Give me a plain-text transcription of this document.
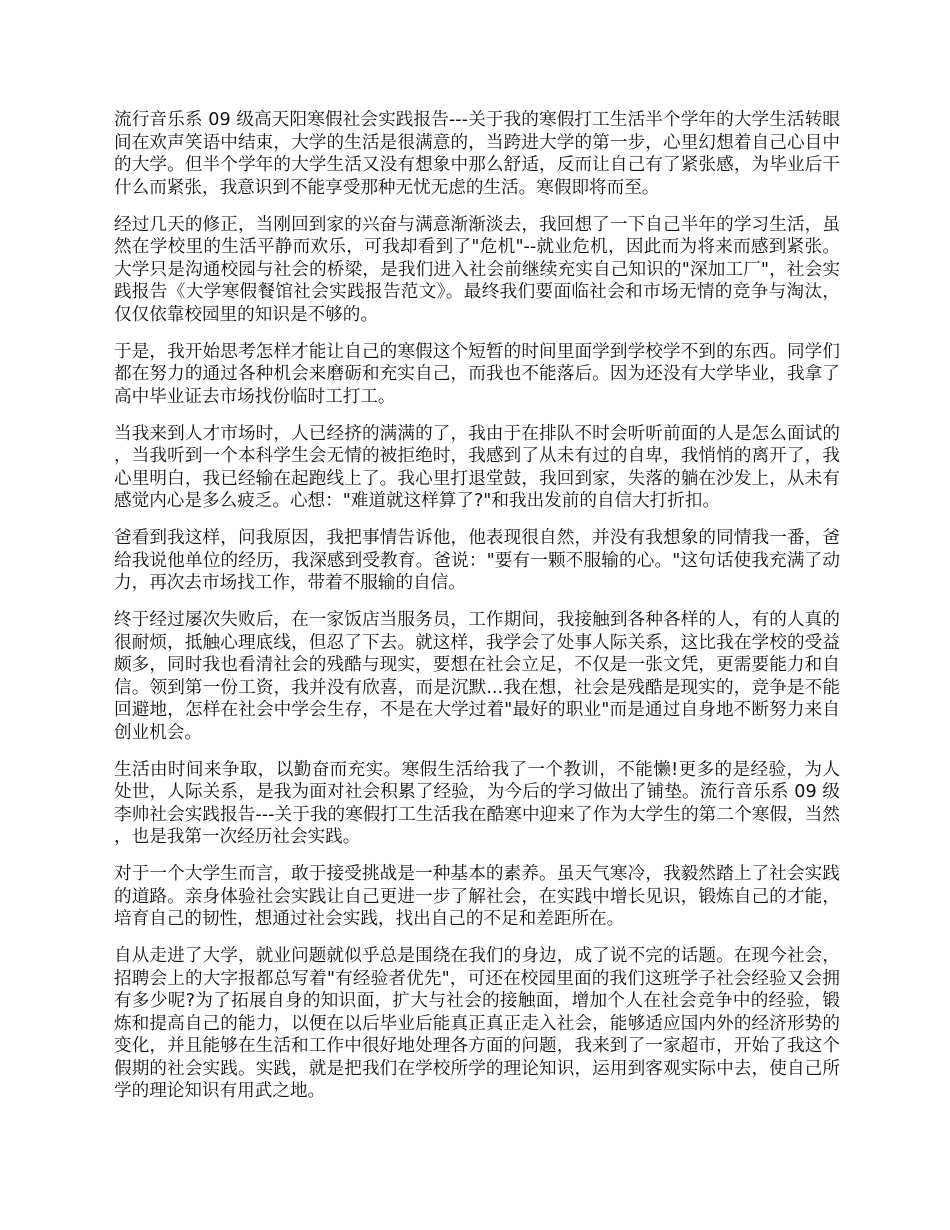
流行音乐系 09 级高天阳寒假社会实践报告---关于我的寒假打工生活半个学年的大学生活转眼间在欢声笑语中结束，大学的生活是很满意的，当跨进大学的第一步，心里幻想着自己心目中的大学。但半个学年的大学生活又没有想象中那么舒适，反而让自己有了紧张感，为毕业后干什么而紧张，我意识到不能享受那种无忧无虑的生活。寒假即将而至。

经过几天的修正，当刚回到家的兴奋与满意渐渐淡去，我回想了一下自己半年的学习生活，虽然在学校里的生活平静而欢乐，可我却看到了"危机"--就业危机，因此而为将来而感到紧张。大学只是沟通校园与社会的桥梁，是我们进入社会前继续充实自己知识的"深加工厂"，社会实践报告《大学寒假餐馆社会实践报告范文》。最终我们要面临社会和市场无情的竞争与淘汰，仅仅依靠校园里的知识是不够的。

于是，我开始思考怎样才能让自己的寒假这个短暂的时间里面学到学校学不到的东西。同学们都在努力的通过各种机会来磨砺和充实自己，而我也不能落后。因为还没有大学毕业，我拿了高中毕业证去市场找份临时工打工。

当我来到人才市场时，人已经挤的满满的了，我由于在排队不时会听听前面的人是怎么面试的，当我听到一个本科学生会无情的被拒绝时，我感到了从未有过的自卑，我悄悄的离开了，我心里明白，我已经输在起跑线上了。我心里打退堂鼓，我回到家，失落的躺在沙发上，从未有感觉内心是多么疲乏。心想："难道就这样算了?"和我出发前的自信大打折扣。

爸看到我这样，问我原因，我把事情告诉他，他表现很自然，并没有我想象的同情我一番，爸给我说他单位的经历，我深感到受教育。爸说："要有一颗不服输的心。"这句话使我充满了动力，再次去市场找工作，带着不服输的自信。

终于经过屡次失败后，在一家饭店当服务员，工作期间，我接触到各种各样的人，有的人真的很耐烦，抵触心理底线，但忍了下去。就这样，我学会了处事人际关系，这比我在学校的受益颇多，同时我也看清社会的残酷与现实，要想在社会立足，不仅是一张文凭，更需要能力和自信。领到第一份工资，我并没有欣喜，而是沉默...我在想，社会是残酷是现实的，竞争是不能回避地，怎样在社会中学会生存，不是在大学过着"最好的职业"而是通过自身地不断努力来自创业机会。

生活由时间来争取，以勤奋而充实。寒假生活给我了一个教训，不能懒!更多的是经验，为人处世，人际关系，是我为面对社会积累了经验，为今后的学习做出了铺垫。流行音乐系 09 级李帅社会实践报告---关于我的寒假打工生活我在酷寒中迎来了作为大学生的第二个寒假，当然，也是我第一次经历社会实践。

对于一个大学生而言，敢于接受挑战是一种基本的素养。虽天气寒冷，我毅然踏上了社会实践的道路。亲身体验社会实践让自己更进一步了解社会，在实践中增长见识，锻炼自己的才能，培育自己的韧性，想通过社会实践，找出自己的不足和差距所在。

自从走进了大学，就业问题就似乎总是围绕在我们的身边，成了说不完的话题。在现今社会，招聘会上的大字报都总写着"有经验者优先"，可还在校园里面的我们这班学子社会经验又会拥有多少呢?为了拓展自身的知识面，扩大与社会的接触面，增加个人在社会竞争中的经验，锻炼和提高自己的能力，以便在以后毕业后能真正真正走入社会，能够适应国内外的经济形势的变化，并且能够在生活和工作中很好地处理各方面的问题，我来到了一家超市，开始了我这个假期的社会实践。实践，就是把我们在学校所学的理论知识，运用到客观实际中去，使自己所学的理论知识有用武之地。
